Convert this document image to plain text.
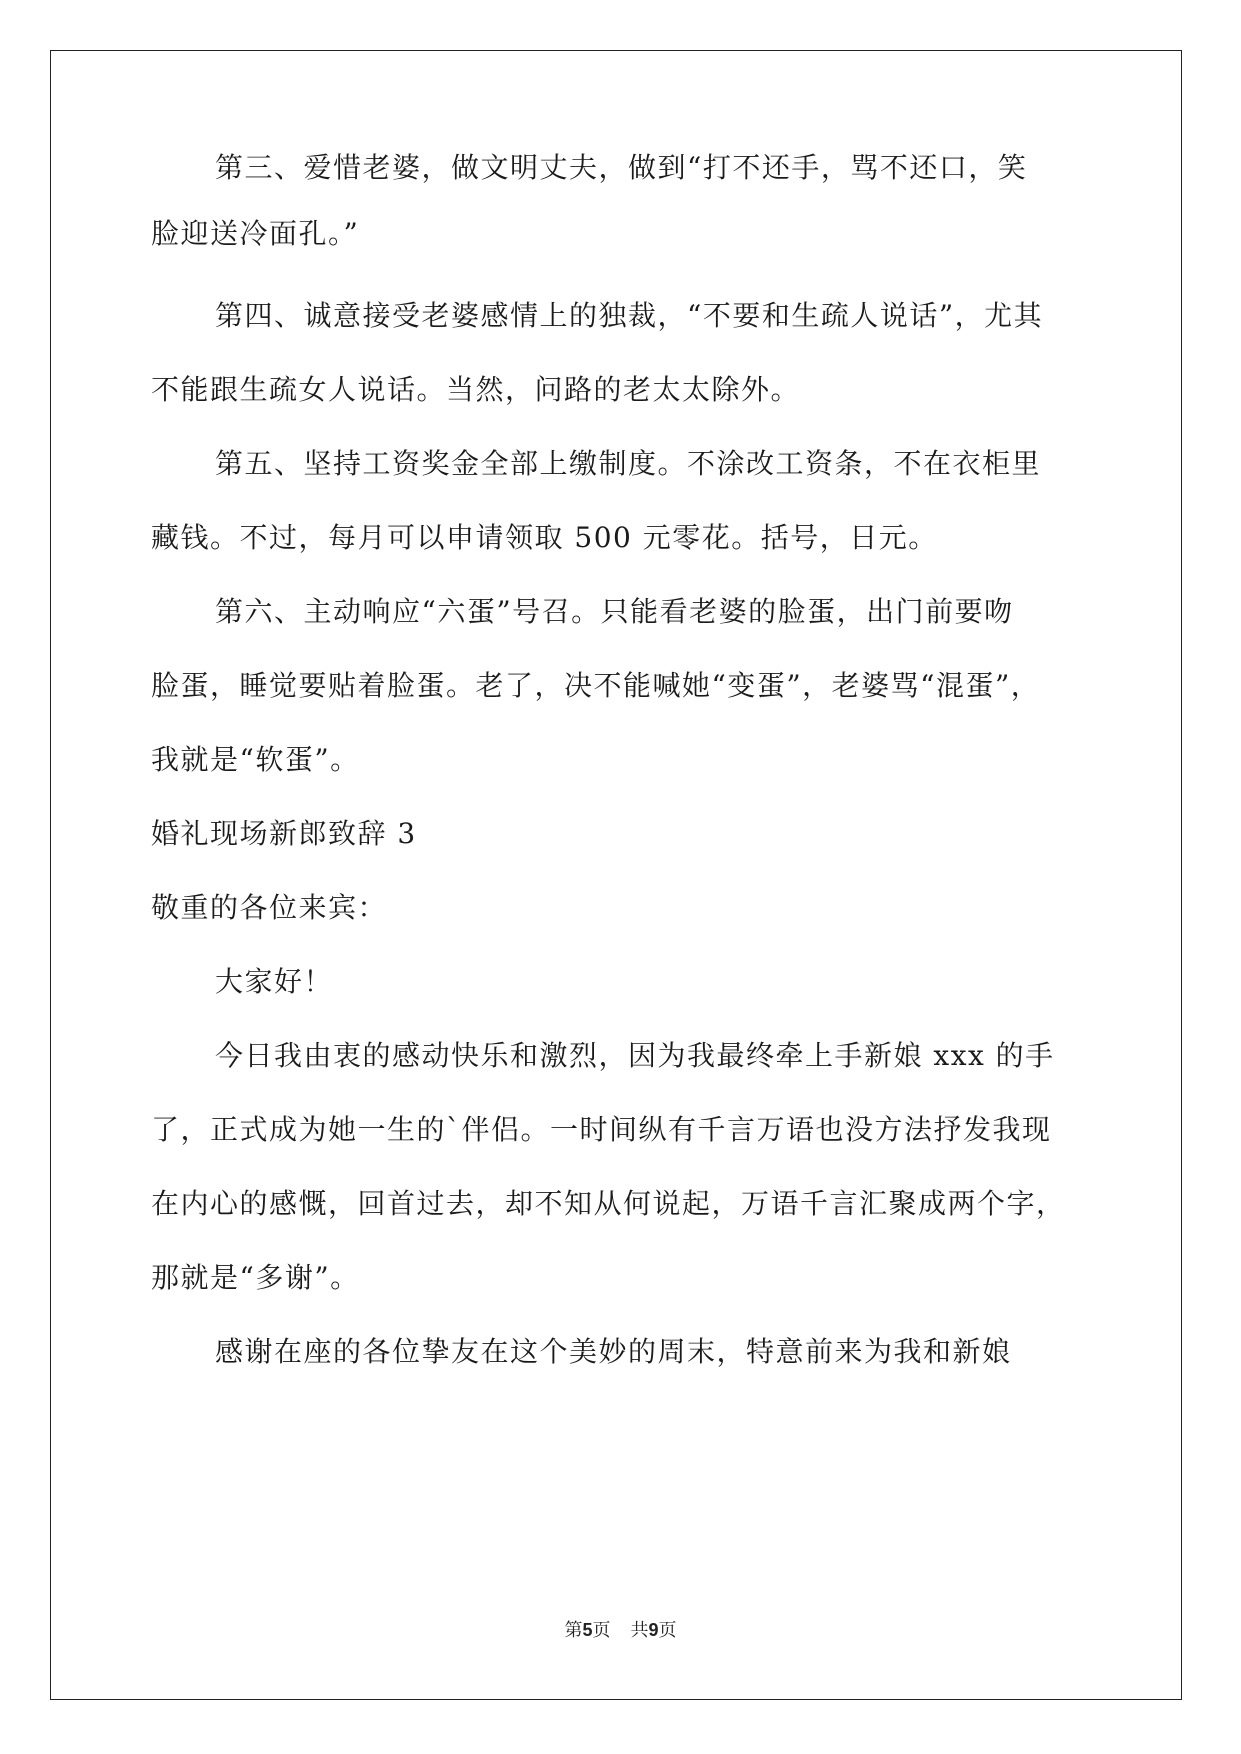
第三、爱惜老婆，做文明丈夫，做到“打不还手，骂不还口，笑
脸迎送冷面孔。”
第四、诚意接受老婆感情上的独裁，“不要和生疏人说话”，尤其
不能跟生疏女人说话。当然，问路的老太太除外。
第五、坚持工资奖金全部上缴制度。不涂改工资条，不在衣柜里
藏钱。不过，每月可以申请领取 500 元零花。括号，日元。
第六、主动响应“六蛋”号召。只能看老婆的脸蛋，出门前要吻
脸蛋，睡觉要贴着脸蛋。老了，决不能喊她“变蛋”，老婆骂“混蛋”，
我就是“软蛋”。
婚礼现场新郎致辞 3
敬重的各位来宾：
大家好！
今日我由衷的感动快乐和激烈，因为我最终牵上手新娘 xxx 的手
了，正式成为她一生的`伴侣。一时间纵有千言万语也没方法抒发我现
在内心的感慨，回首过去，却不知从何说起，万语千言汇聚成两个字，
那就是“多谢”。
感谢在座的各位挚友在这个美妙的周末，特意前来为我和新娘
第5页 共9页
